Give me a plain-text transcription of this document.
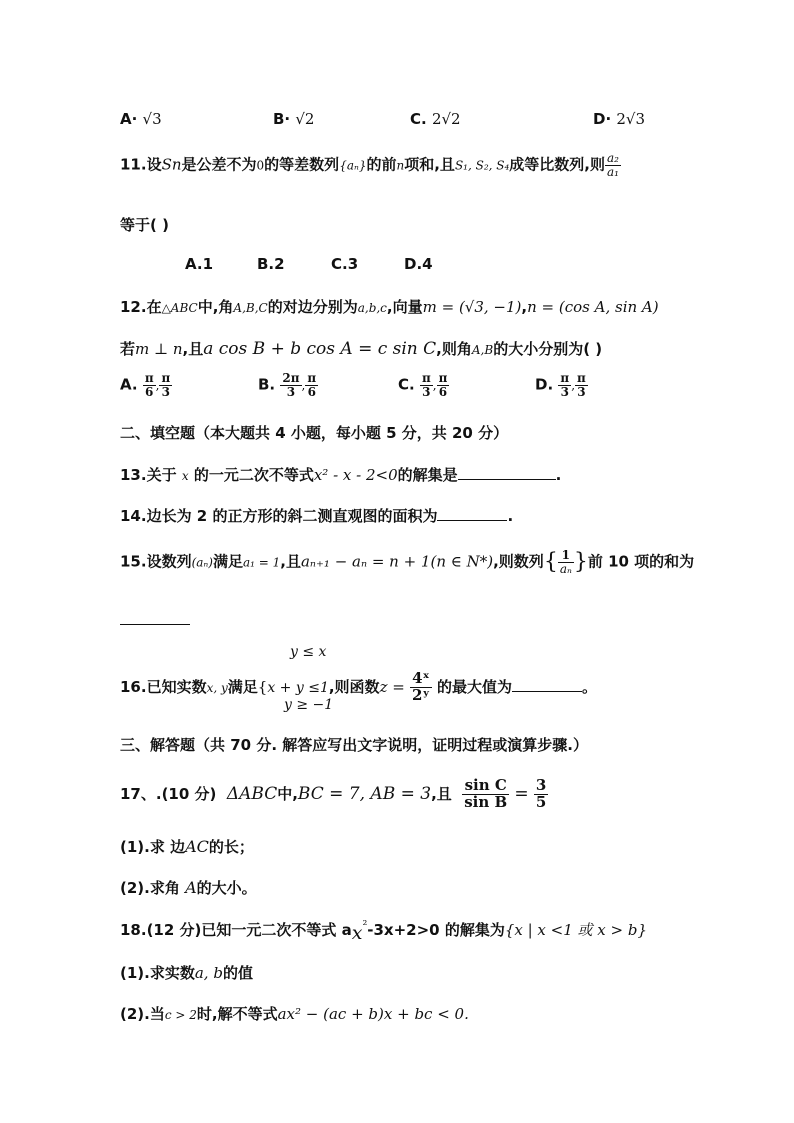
A· √3	B· √2	C. 2√2	D· 2√3
11.设Sn是公差不为0的等差数列{aₙ}的前n项和,且S₁, S₂, S₄成等比数列,则 $\frac{\text{a₂}}{\text{a₁}}$
等于( )
A.1	B.2	C.3	D.4
12.在△ABC中,角A,B,C的对边分别为a,b,c,向量m = (√3, −1),n = (cos A, sin A)
若m ⊥ n,且a cos B + b cos A = c sin C,则角A,B的大小分别为( )
A. $\frac{\pi}{6}$ , $\frac{\pi}{3}$	B. $\frac{2\pi}{3}$ , $\frac{\pi}{6}$	C. $\frac{\pi}{3}$ , $\frac{\pi}{6}$	D. $\frac{\pi}{3}$ , $\frac{\pi}{3}$
二、填空题（本大题共 4 小题，每小题 5 分，共 20 分）
13.关于 x 的一元二次不等式x² - x - 2<0的解集是	.
14.边长为 2 的正方形的斜二测直观图的面积为	.
15.设数列(aₙ)满足a₁ = 1,且aₙ₊₁ − aₙ = n + 1(n ∈ N*),则数列{ $\frac{1}{\text{aₙ}}$ }前 10 项的和为
y ≤ x
16.已知实数x, y满足{x + y ≤1,则函数$z = \frac{\text{4ˣ}}{\text{2ʸ}}$ 的最大值为	。
y ≥ −1
三、解答题（共 70 分. 解答应写出文字说明，证明过程或演算步骤.）
17、.(10 分) ΔABC中,BC = 7, AB = 3,且 $\frac{\text{sin C}}{\text{sin B}} = \frac{3}{5}$
(1).求 边AC的长；
(2).求角 A的大小。
18.(12 分)已知一元二次不等式 $ax^{^2}-3x+2>0$ 的解集为{x | x <1 或 x > b}
(1).求实数a, b的值
(2).当c > 2时,解不等式ax² − (ac + b)x + bc < 0.
